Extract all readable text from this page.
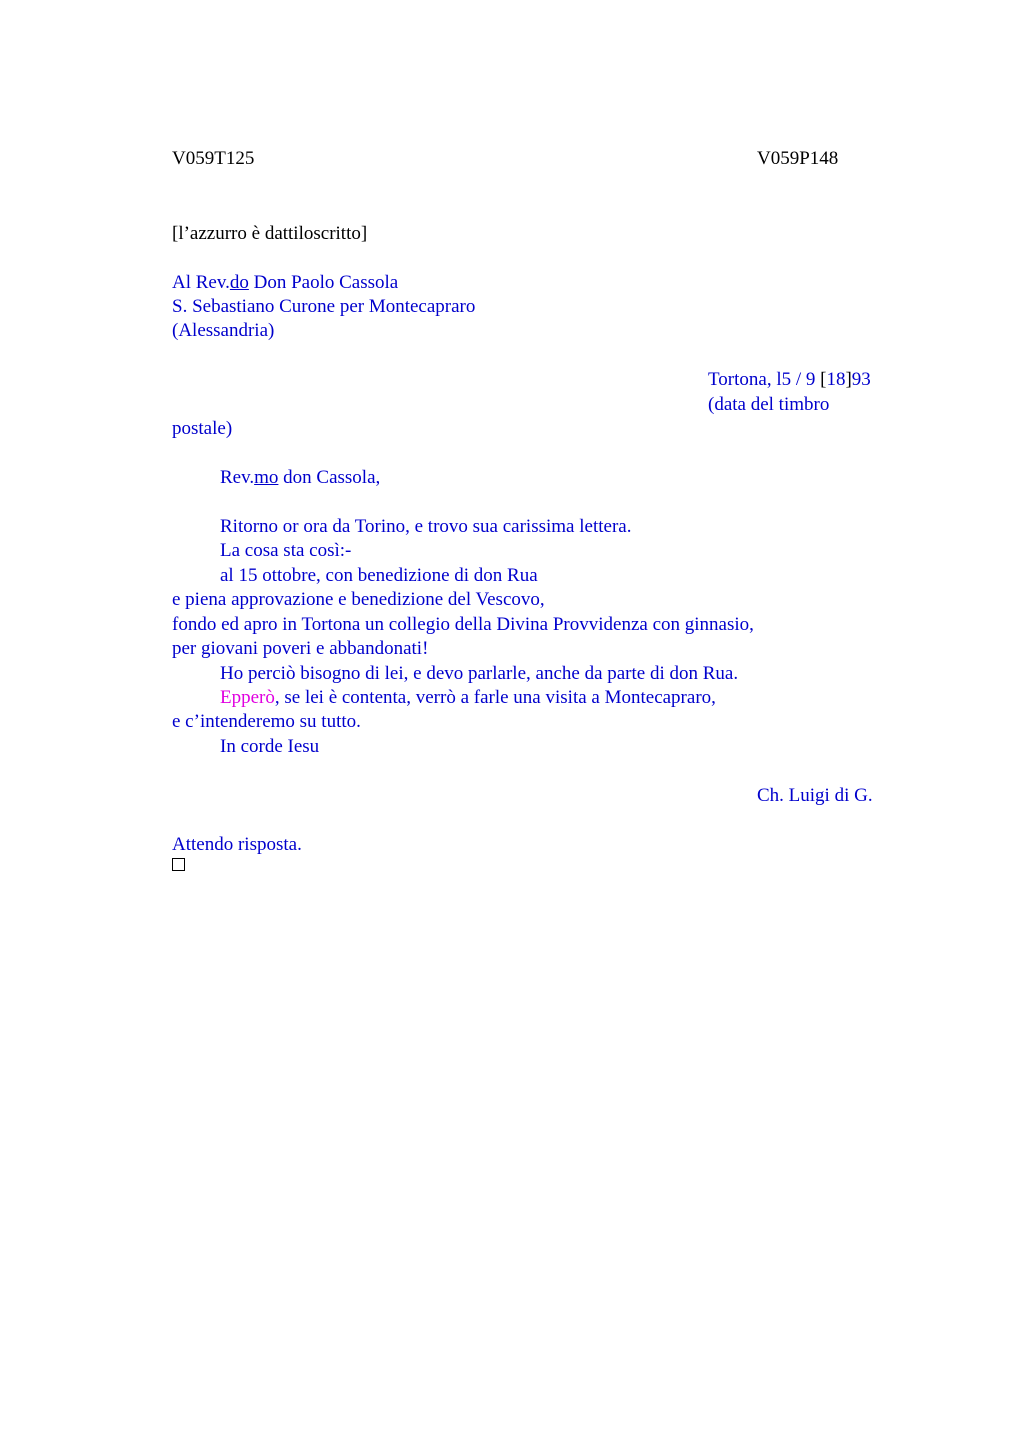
V059T125	V059P148
[l’azzurro è dattiloscritto]
Al Rev.do Don Paolo Cassola
S. Sebastiano Curone per Montecapraro
(Alessandria)
Tortona, l5 / 9 [18]93
(data del timbro
postale)
Rev.mo don Cassola,
Ritorno or ora da Torino, e trovo sua carissima lettera.
La cosa sta così:-
al 15 ottobre, con benedizione di don Rua
e piena approvazione e benedizione del Vescovo,
fondo ed apro in Tortona un collegio della Divina Provvidenza con ginnasio,
per giovani poveri e abbandonati!
Ho perciò bisogno di lei, e devo parlarle, anche da parte di don Rua.
Epperò, se lei è contenta, verrò a farle una visita a Montecapraro,
e c’intenderemo su tutto.
In corde Iesu
Ch. Luigi di G.
Attendo risposta.
